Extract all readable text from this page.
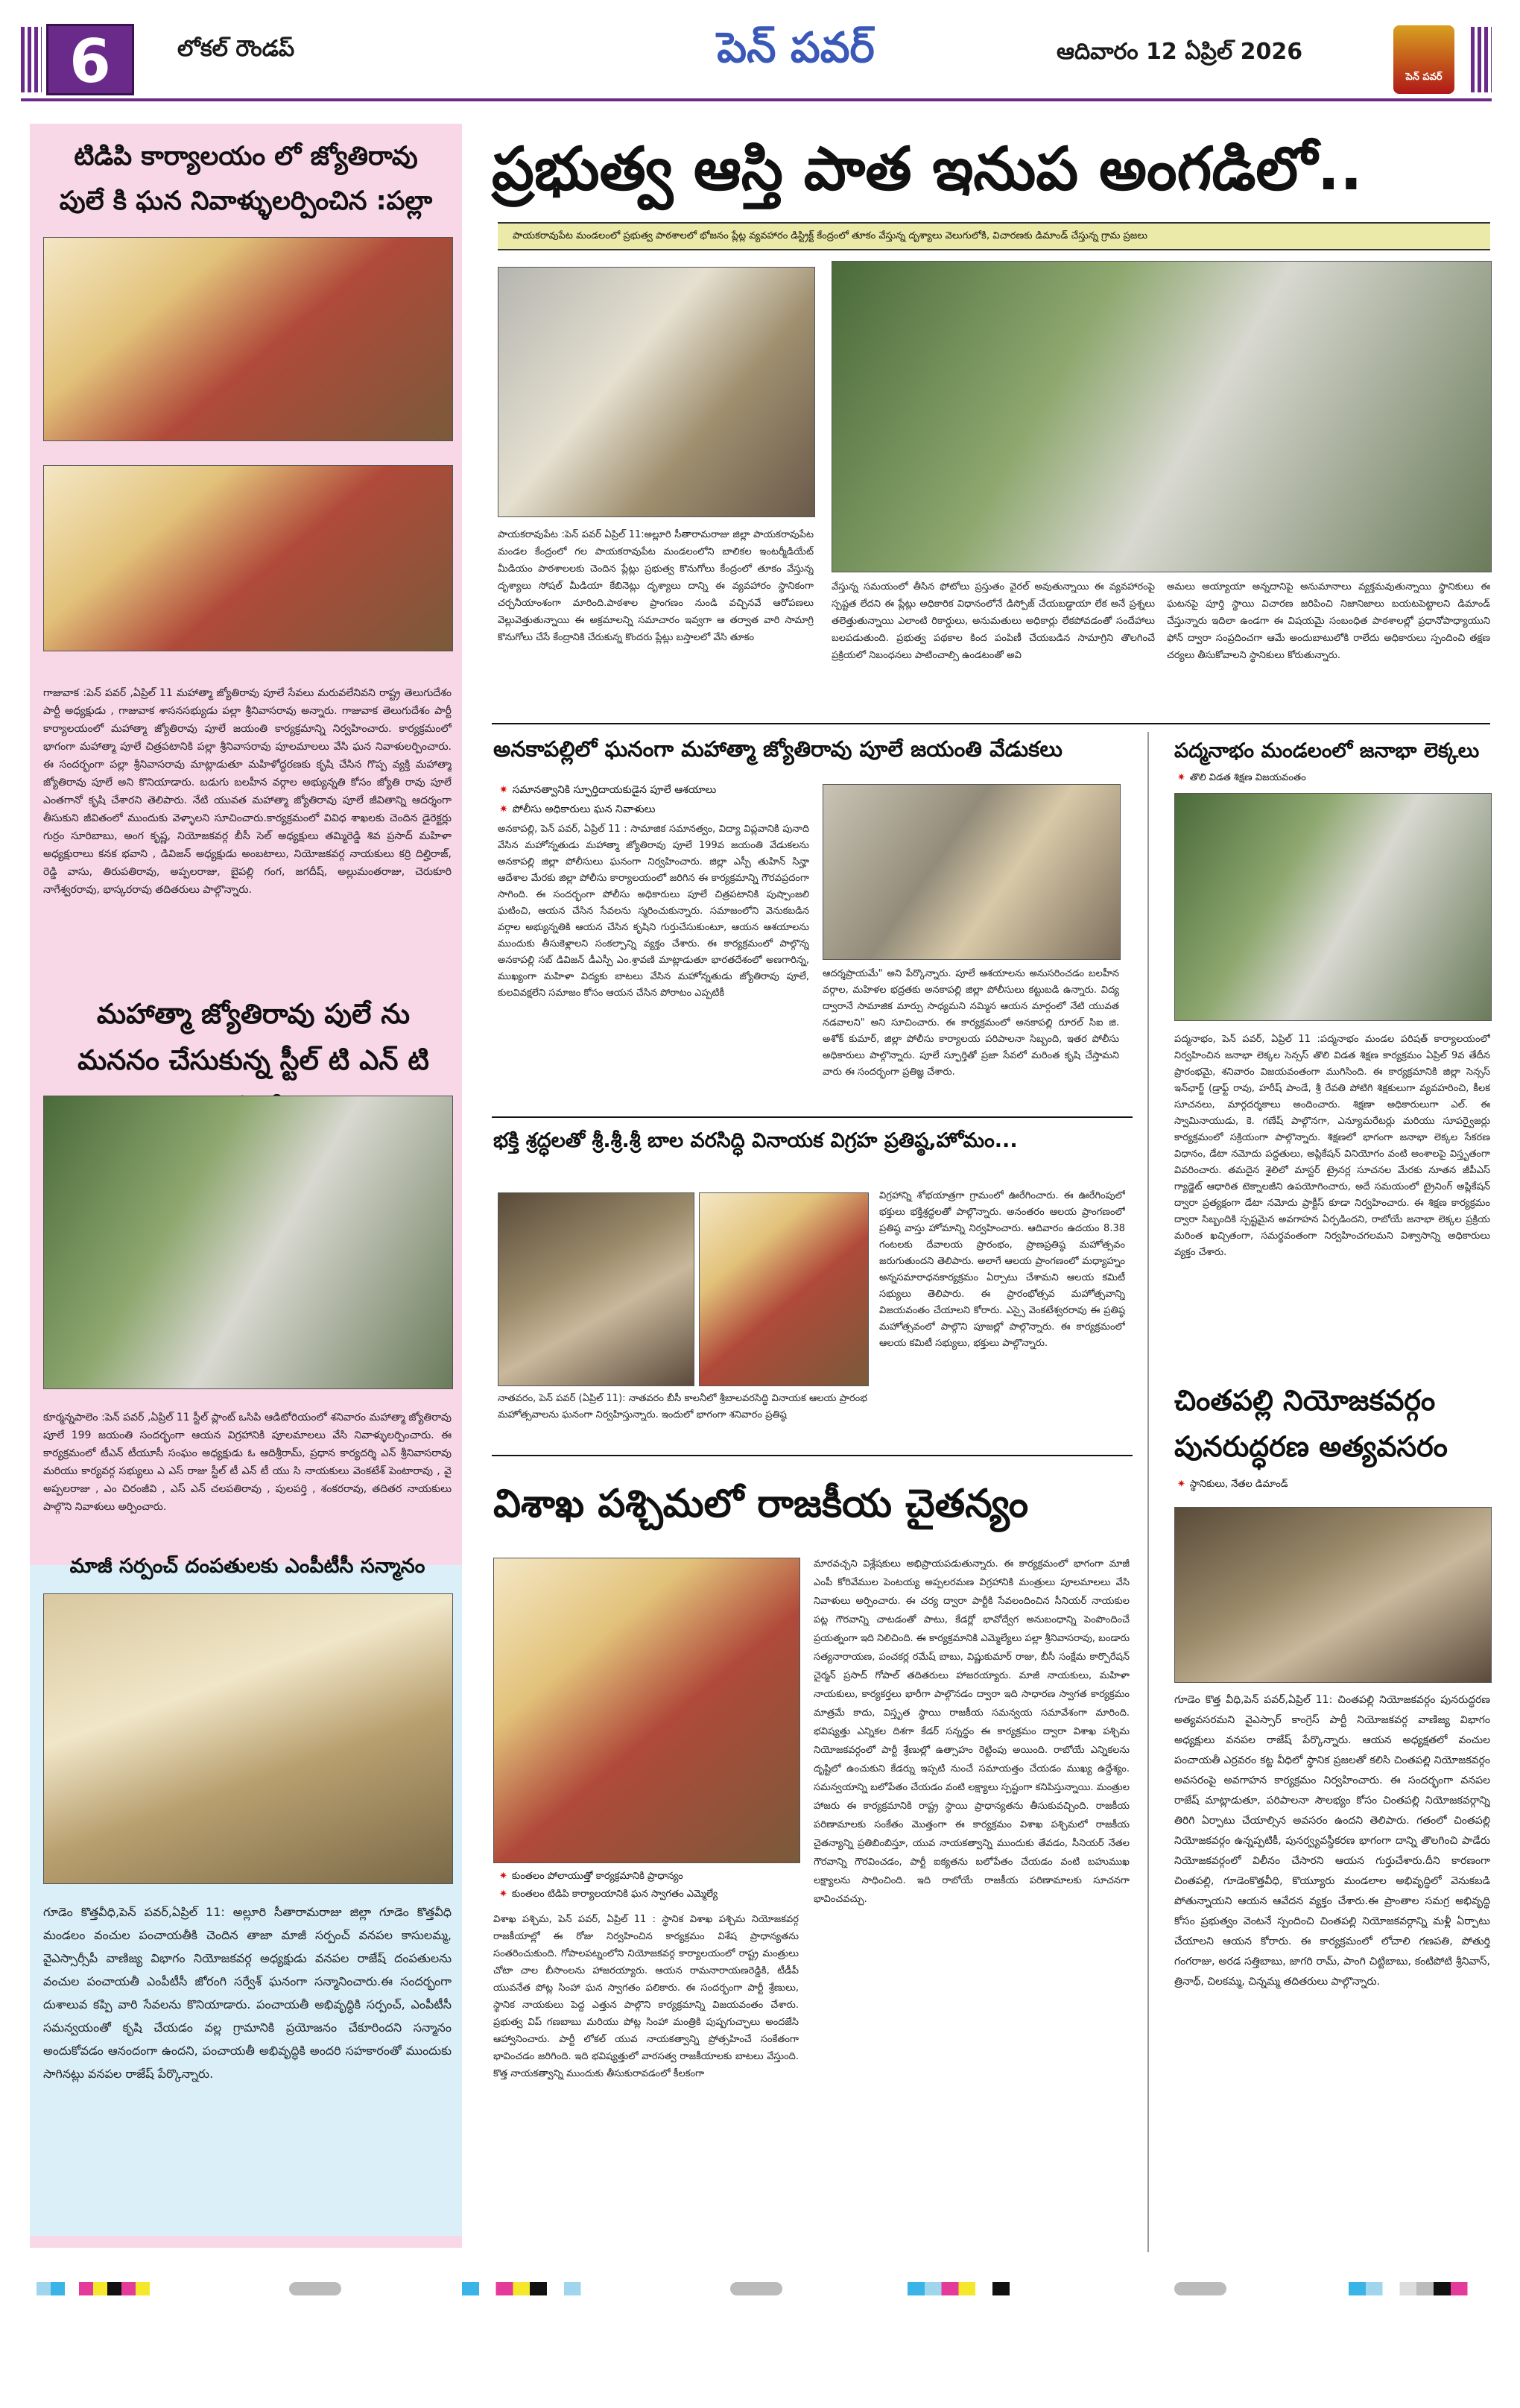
6	లోకల్ రౌండప్	పెన్ పవర్	ఆదివారం 12 ఏప్రిల్ 2026
పెన్ పవర్
టిడిపి కార్యాలయం లో జ్యోతిరావు పులే కి ఘన నివాళ్ళులర్పించిన :పల్లా
గాజువాక :పెన్ పవర్ ,ఏప్రిల్ 11 మహాత్మా జ్యోతిరావు పూలే సేవలు మరువలేనివని రాష్ట్ర తెలుగుదేశం పార్టీ అధ్యక్షుడు , గాజువాక శాసనసభ్యుడు పల్లా శ్రీనివాసరావు అన్నారు. గాజువాక తెలుగుదేశం పార్టీ కార్యాలయంలో మహాత్మా జ్యోతిరావు పూలే జయంతి కార్యక్రమాన్ని నిర్వహించారు. కార్యక్రమంలో భాగంగా మహాత్మా పూలే చిత్రపటానికి పల్లా శ్రీనివాసరావు పూలమాలలు వేసి ఘన నివాళులర్పించారు. ఈ సందర్భంగా పల్లా శ్రీనివాసరావు మాట్లాడుతూ మహిళోద్ధరణకు కృషి చేసిన గొప్ప వ్యక్తి మహాత్మా జ్యోతిరావు పూలే అని కొనియాడారు. బడుగు బలహీన వర్గాల అభ్యున్నతి కోసం జ్యోతి రావు పూలే ఎంతగానో కృషి చేశారని తెలిపారు. నేటి యువత మహాత్మా జ్యోతిరావు పూలే జీవితాన్ని ఆదర్శంగా తీసుకుని జీవితంలో ముందుకు వెళ్ళాలని సూచించారు.కార్యక్రమంలో వివిధ శాఖలకు చెందిన డైరెక్టర్లు గుర్రం సూరిబాబు, అంగ కృష్ణ, నియోజకవర్గ బీసీ సెల్ అధ్యక్షులు తమ్మిరెడ్డి శివ ప్రసాద్ మహిళా అధ్యక్షురాలు కనక భవాని , డివిజన్ అధ్యక్షుడు అంబటాలు, నియోజకవర్గ నాయకులు కర్రి దిల్హిరాజ్, రెడ్డి వాసు, తిరుపతిరావు, అప్పలరాజు, బైపల్లి గంగ, జగదీష్, అల్లుమంతరాజు, చెరుకూరి నాగేశ్వరరావు, భాస్కరరావు తదితరులు పాల్గొన్నారు.
మహాత్మా జ్యోతిరావు పులే ను మననం చేసుకున్న స్టీల్ టి ఎన్ టి
కూర్మన్నపాలెం :పెన్ పవర్ ,ఏప్రిల్ 11 స్టీల్ ప్లాంట్ ఒసిపి ఆడిటోరియంలో శనివారం మహాత్మా జ్యోతిరావు పూలే 199 జయంతి సందర్భంగా ఆయన విగ్రహానికి పూలమాలలు వేసి నివాళ్ళులర్పించారు. ఈ కార్యక్రమంలో టీఎన్ టీయూసీ సంఘం అధ్యక్షుడు ఓ ఆదిశ్రీరామ్, ప్రధాన కార్యదర్శి ఎన్ శ్రీనివాసరావు మరియు కార్యవర్గ సభ్యులు ఎ ఎస్ రాజు స్టీల్ టీ ఎన్ టీ యు సి నాయకులు వెంకటేశ్ పెంటారావు , వై అప్పలరాజు , ఎం చిరంజీవి , ఎస్ ఎన్ చలపతిరావు , పులపర్తి , శంకరరావు, తదితర నాయకులు పాల్గొని నివాళులు అర్పించారు.
మాజీ సర్పంచ్ దంపతులకు ఎంపీటీసీ సన్మానం
గూడెం కొత్తవీధి,పెన్ పవర్,ఏప్రిల్ 11: అల్లూరి సీతారామరాజు జిల్లా గూడెం కొత్తవీధి మండలం వంచుల పంచాయతీకి చెందిన తాజా మాజీ సర్పంచ్ వనపల కాసులమ్మ, వైఎస్సార్సీపీ వాణిజ్య విభాగం నియోజకవర్గ అధ్యక్షుడు వనపల రాజేష్ దంపతులను వంచుల పంచాయతీ ఎంపీటీసీ జోరంగి సర్వేశ్ ఘనంగా సన్మానించారు.ఈ సందర్భంగా దుశాలువ కప్పి వారి సేవలను కొనియాడారు. పంచాయతీ అభివృద్ధికి సర్పంచ్, ఎంపీటీసీ సమన్వయంతో కృషి చేయడం వల్ల గ్రామానికి ప్రయోజనం చేకూరిందని సన్మానం అందుకోవడం ఆనందంగా ఉందని, పంచాయతీ అభివృద్ధికి అందరి సహకారంతో ముందుకు సాగినట్లు వనపల రాజేష్ పేర్కొన్నారు.
ప్రభుత్వ ఆస్తి పాత ఇనుప అంగడిలో..
పాయకరావుపేట మండలంలో ప్రభుత్వ పాఠశాలలో భోజనం ప్లేట్ల వ్యవహారం డిస్ట్రిక్ట్ కేంద్రంలో తూకం వేస్తున్న దృశ్యాలు వెలుగులోకి, విచారణకు డిమాండ్ చేస్తున్న గ్రామ ప్రజలు
పాయకరావుపేట :పెన్ పవర్ ఏప్రిల్ 11:అల్లూరి సీతారామరాజు జిల్లా పాయకరావుపేట మండల కేంద్రంలో గల పాయకరావుపేట మండలంలోని బాలికల ఇంటర్మీడియేట్ మీడియం పాఠశాలలకు చెందిన ప్లేట్లు ప్రభుత్వ కొనుగోలు కేంద్రంలో తూకం వేస్తున్న దృశ్యాలు సోషల్ మీడియా కేబినెట్లు దృశ్యాలు దాన్ని ఈ వ్యవహారం స్థానికంగా చర్చనీయాంశంగా మారింది.పాఠశాల ప్రాంగణం నుండి వచ్చినవే ఆరోపణలు వెల్లువెత్తుతున్నాయి ఈ అక్రమాలన్ని సమాచారం ఇవ్వగా ఆ తర్వాత వారి సామాగ్రి కొనుగోలు చేసే కేంద్రానికి చేరుకున్న కొందరు ప్లేట్లు బస్తాలలో వేసి తూకం
వేస్తున్న సమయంలో తీసిన ఫోటోలు ప్రస్తుతం వైరల్ అవుతున్నాయి ఈ వ్యవహారంపై స్పష్టత లేదని ఈ ప్లేట్లు అధికారిక విధానంలోనే డిస్పోజ్ చేయబడ్డాయా లేక అనే ప్రశ్నలు తలెత్తుతున్నాయి ఎలాంటి రికార్డులు, అనుమతులు అధికార్లు లేకపోవడంతో సందేహాలు బలపడుతుంది. ప్రభుత్వ పథకాల కింద పంపిణీ చేయబడిన సామాగ్రిని తొలగించే ప్రక్రియలో నిబంధనలు పాటించాల్సి ఉండటంతో అవి
అమలు అయ్యాయా అన్నదానిపై అనుమానాలు వ్యక్తమవుతున్నాయి స్థానికులు ఈ ఘటనపై పూర్తి స్థాయి విచారణ జరిపించి నిజానిజాలు బయటపెట్టాలని డిమాండ్ చేస్తున్నారు ఇదిలా ఉండగా ఈ విషయమై సంబంధిత పాఠశాలల్లో ప్రధానోపాధ్యాయుని ఫోన్ ద్వారా సంప్రదించగా ఆమే అందుబాటులోకి రాలేదు అధికారులు స్పందించి తక్షణ చర్యలు తీసుకోవాలని స్థానికులు కోరుతున్నారు.
అనకాపల్లిలో ఘనంగా మహాత్మా జ్యోతిరావు పూలే జయంతి వేడుకలు
✷ సమానత్వానికి స్ఫూర్తిదాయకుడైన పూలే ఆశయాలు
✷ పోలీసు అధికారులు ఘన నివాళులు
అనకాపల్లి, పెన్ పవర్, ఏప్రిల్ 11 : సామాజిక సమానత్వం, విద్యా విప్లవానికి పునాది వేసిన మహోన్నతుడు మహాత్మా జ్యోతిరావు పూలే 199వ జయంతి వేడుకలను అనకాపల్లి జిల్లా పోలీసులు ఘనంగా నిర్వహించారు. జిల్లా ఎస్పీ తుహిన్ సిన్హా ఆదేశాల మేరకు జిల్లా పోలీసు కార్యాలయంలో జరిగిన ఈ కార్యక్రమాన్ని గౌరవప్రదంగా సాగింది. ఈ సందర్భంగా పోలీసు అధికారులు పూలే చిత్రపటానికి పుష్పాంజలి ఘటించి, ఆయన చేసిన సేవలను స్మరించుకున్నారు. సమాజంలోని వెనుకబడిన వర్గాల అభ్యున్నతికి ఆయన చేసిన కృషిని గుర్తుచేసుకుంటూ, ఆయన ఆశయాలను ముందుకు తీసుకెళ్లాలని సంకల్పాన్ని వ్యక్తం చేశారు. ఈ కార్యక్రమంలో పాల్గొన్న అనకాపల్లి సబ్ డివిజన్ డీఎస్పీ ఎం.శ్రావణి మాట్లాడుతూ భారతదేశంలో అణగారిన్న, ముఖ్యంగా మహిళా విద్యకు బాటలు వేసిన మహోన్నతుడు జ్యోతిరావు పూలే, కులవివక్షలేని సమాజం కోసం ఆయన చేసిన పోరాటం ఎప్పటికీ
ఆదర్శప్రాయమే" అని పేర్కొన్నారు. పూలే ఆశయాలను అనుసరించడం బలహీన వర్గాల, మహిళల భద్రతకు అనకాపల్లి జిల్లా పోలీసులు కట్టుబడి ఉన్నారు. విద్య ద్వారానే సామాజిక మార్పు సాధ్యమని నమ్మిన ఆయన మార్గంలో నేటి యువత నడవాలని" అని సూచించారు. ఈ కార్యక్రమంలో అనకాపల్లి రూరల్ సిఐ జి. అశోక్ కుమార్, జిల్లా పోలీసు కార్యాలయ పరిపాలనా సిబ్బంది, ఇతర పోలీసు అధికారులు పాల్గొన్నారు. పూలే స్ఫూర్తితో ప్రజా సేవలో మరింత కృషి చేస్తామని వారు ఈ సందర్భంగా ప్రతిజ్ఞ చేశారు.
భక్తి శ్రద్ధలతో శ్రీ.శ్రీ.శ్రీ బాల వరసిద్ధి వినాయక విగ్రహ ప్రతిష్ఠ,హోమం...
నాతవరం, పెన్ పవర్ (ఏప్రిల్ 11): నాతవరం బీసీ కాలనీలో శ్రీబాలవరసిద్ధి వినాయక ఆలయ ప్రారంభ మహోత్సవాలను ఘనంగా నిర్వహిస్తున్నారు. ఇందులో భాగంగా శనివారం ప్రతిష్ఠ
విగ్రహాన్ని శోభయాత్రగా గ్రామంలో ఊరేగించారు. ఈ ఊరేగింపులో భక్తులు భక్తిశ్రద్ధలతో పాల్గొన్నారు. అనంతరం ఆలయ ప్రాంగణంలో ప్రతిష్ఠ వాస్తు హోమాన్ని నిర్వహించారు. ఆదివారం ఉదయం 8.38 గంటలకు దేవాలయ ప్రారంభం, ప్రాణప్రతిష్ఠ మహోత్సవం జరుగుతుందని తెలిపారు. అలాగే ఆలయ ప్రాంగణంలో మధ్యాహ్నం అన్నసమారాధనకార్యక్రమం ఏర్పాటు చేశామని ఆలయ కమిటీ సభ్యులు తెలిపారు. ఈ ప్రారంభోత్సవ మహోత్సవాన్ని విజయవంతం చేయాలని కోరారు. ఎస్సై వెంకటేశ్వరరావు ఈ ప్రతిష్ఠ మహోత్సవంలో పాల్గొని పూజల్లో పాల్గొన్నారు. ఈ కార్యక్రమంలో ఆలయ కమిటీ సభ్యులు, భక్తులు పాల్గొన్నారు.
విశాఖ పశ్చిమలో రాజకీయ చైతన్యం
✷ కుంతలం పోలాయుత్తో కార్యక్రమానికి ప్రాధాన్యం
✷ కుంతలం టిడిపి కార్యాలయానికి ఘన స్వాగతం ఎమ్మెల్యే
విశాఖ పశ్చిమ, పెన్ పవర్, ఏప్రిల్ 11 : స్థానిక విశాఖ పశ్చిమ నియోజకవర్గ రాజకీయాల్లో ఈ రోజు నిర్వహించిన కార్యక్రమం విశేష ప్రాధాన్యతను సంతరించుకుంది. గోపాలపట్నంలోని నియోజకవర్గ కార్యాలయంలో రాష్ట్ర మంత్రులు చోటా చాల బీసాంలను హాజరయ్యారు. ఆయన రామనారాయణరెడ్డికి, టీడీపీ యువనేత పోట్ల సింహా ఘన స్వాగతం పలికారు. ఈ సందర్భంగా పార్టీ శ్రేణులు, స్థానిక నాయకులు పెద్ద ఎత్తున పాల్గొని కార్యక్రమాన్ని విజయవంతం చేశారు. ప్రభుత్వ విప్ గణబాబు మరియు పోట్ల సింహా మంత్రికి పుష్పగుచ్ఛాలు అందజేసి ఆహ్వానించారు. పార్టీ లోకల్ యువ నాయకత్వాన్ని ప్రోత్సహించే సంకేతంగా భావించడం జరిగింది. ఇది భవిష్యత్తులో వారసత్వ రాజకీయాలకు బాటలు వేస్తుంది. కొత్త నాయకత్వాన్ని ముందుకు తీసుకురావడంలో కీలకంగా
మారవచ్చని విశ్లేషకులు అభిప్రాయపడుతున్నారు. ఈ కార్యక్రమంలో భాగంగా మాజీ ఎంపీ కోరివేముల పెంటయ్య అప్పలరమణ విగ్రహానికి మంత్రులు పూలమాలలు వేసి నివాళులు అర్పించారు. ఈ చర్య ద్వారా పార్టీకి సేవలందించిన సీనియర్ నాయకుల పట్ల గౌరవాన్ని చాటడంతో పాటు, కేడర్లో భావోద్వేగ అనుబంధాన్ని పెంపొందించే ప్రయత్నంగా ఇది నిలిచింది. ఈ కార్యక్రమానికి ఎమ్మెల్యేలు పల్లా శ్రీనివాసరావు, బండారు సత్యనారాయణ, పంచకర్ల రమేష్ బాబు, విష్ణుకుమార్ రాజు, బీసీ సంక్షేమ కార్పొరేషన్ చైర్మన్ ప్రసాద్ గోపాల్ తదితరులు హాజరయ్యారు. మాజీ నాయకులు, మహిళా నాయకులు, కార్యకర్తలు భారీగా పాల్గొనడం ద్వారా ఇది సాధారణ స్వాగత కార్యక్రమం మాత్రమే కాదు, విస్తృత స్థాయి రాజకీయ సమన్వయ సమావేశంగా మారింది. భవిష్యత్తు ఎన్నికల దిశగా కేడర్ సన్నద్ధం ఈ కార్యక్రమం ద్వారా విశాఖ పశ్చిమ నియోజకవర్గంలో పార్టీ శ్రేణుల్లో ఉత్సాహం రెట్టింపు అయింది. రాబోయే ఎన్నికలను దృష్టిలో ఉంచుకుని కేడర్ను ఇప్పటి నుంచే సమాయత్తం చేయడం ముఖ్య ఉద్దేశ్యం. సమన్వయాన్ని బలోపేతం చేయడం వంటి లక్ష్యాలు స్పష్టంగా కనిపిస్తున్నాయి. మంత్రుల హాజరు ఈ కార్యక్రమానికి రాష్ట్ర స్థాయి ప్రాధాన్యతను తీసుకువచ్చింది. రాజకీయ పరిణామాలకు సంకేతం మొత్తంగా ఈ కార్యక్రమం విశాఖ పశ్చిమలో రాజకీయ చైతన్యాన్ని ప్రతిబింబిస్తూ, యువ నాయకత్వాన్ని ముందుకు తేవడం, సీనియర్ నేతల గౌరవాన్ని గౌరవించడం, పార్టీ ఐక్యతను బలోపేతం చేయడం వంటి బహుముఖ లక్ష్యాలను సాధించింది. ఇది రాబోయే రాజకీయ పరిణామాలకు సూచనగా భావించవచ్చు.
పద్మనాభం మండలంలో జనాభా లెక్కలు
✷ తొలి విడత శిక్షణ విజయవంతం
పద్మనాభం, పెన్ పవర్, ఏప్రిల్ 11 :పద్మనాభం మండల పరిషత్ కార్యాలయంలో నిర్వహించిన జనాభా లెక్కల సెన్సస్ తొలి విడత శిక్షణ కార్యక్రమం ఏప్రిల్ 9వ తేదీన ప్రారంభమై, శనివారం విజయవంతంగా ముగిసింది. ఈ కార్యక్రమానికి జిల్లా సెన్సస్ ఇన్‌ఛార్జ్ (డ్రాఫ్ట్ రావు, హరీష్ పాండే, శ్రీ రేవతి పోటిగి శిక్షకులుగా వ్యవహరించి, కీలక సూచనలు, మార్గదర్శకాలు అందించారు. శిక్షణా అధికారులుగా ఎల్. ఈ స్వామినాయుడు, కె. గణేష్ పాల్గొనగా, ఎన్యూమరేటర్లు మరియు సూపర్వైజర్లు కార్యక్రమంలో సక్రియంగా పాల్గొన్నారు. శిక్షణలో భాగంగా జనాభా లెక్కల సేకరణ విధానం, డేటా నమోదు పద్ధతులు, అప్లికేషన్ వినియోగం వంటి అంశాలపై విస్తృతంగా వివరించారు. తమదైన శైలిలో మాస్టర్ ట్రైనర్ల సూచనల మేరకు నూతన జీపీఎస్ గ్యాడ్జెట్ ఆధారిత టెక్నాలజీని ఉపయోగించారు, అదే సమయంలో ట్రైనింగ్ అప్లికేషన్ ద్వారా ప్రత్యక్షంగా డేటా నమోదు ప్రాక్టీస్ కూడా నిర్వహించారు. ఈ శిక్షణ కార్యక్రమం ద్వారా సిబ్బందికి స్పష్టమైన అవగాహన ఏర్పడిందని, రాబోయే జనాభా లెక్కల ప్రక్రియ మరింత ఖచ్చితంగా, సమర్థవంతంగా నిర్వహించగలమని విశ్వాసాన్ని అధికారులు వ్యక్తం చేశారు.
చింతపల్లి నియోజకవర్గం పునరుద్ధరణ అత్యవసరం
✷ స్థానికులు, నేతల డిమాండ్
గూడెం కొత్త వీధి,పెన్ పవర్,ఏప్రిల్ 11: చింతపల్లి నియోజకవర్గం పునరుద్ధరణ అత్యవసరమని వైఎస్సార్ కాంగ్రెస్ పార్టీ నియోజకవర్గ వాణిజ్య విభాగం అధ్యక్షులు వనపల రాజేష్ పేర్కొన్నారు. ఆయన అధ్యక్షతలో వంచుల పంచాయతీ ఎర్రవరం కట్ట వీధిలో స్థానిక ప్రజలతో కలిసి చింతపల్లి నియోజకవర్గం అవసరంపై అవగాహన కార్యక్రమం నిర్వహించారు. ఈ సందర్భంగా వనపల రాజేష్ మాట్లాడుతూ, పరిపాలనా సౌలభ్యం కోసం చింతపల్లి నియోజకవర్గాన్ని తిరిగి ఏర్పాటు చేయాల్సిన అవసరం ఉందని తెలిపారు. గతంలో చింతపల్లి నియోజకవర్గం ఉన్నప్పటికీ, పునర్వ్యవస్థీకరణ భాగంగా దాన్ని తొలగించి పాడేరు నియోజకవర్గంలో విలీనం చేసారని ఆయన గుర్తుచేశారు.దీని కారణంగా చింతపల్లి, గూడెంకొత్తవీధి, కొయ్యూరు మండలాల అభివృద్ధిలో వెనుకబడి పోతున్నాయని ఆయన ఆవేదన వ్యక్తం చేశారు.ఈ ప్రాంతాల సమగ్ర అభివృద్ధి కోసం ప్రభుత్వం వెంటనే స్పందించి చింతపల్లి నియోజకవర్గాన్ని మళ్లీ ఏర్పాటు చేయాలని ఆయన కోరారు. ఈ కార్యక్రమంలో లోచాలి గణపతి, పోతుర్తి గంగరాజు, అరడ సత్తిబాబు, జాగరి రామ్, పాంగి చిట్టిబాబు, కంటిపోటి శ్రీనివాస్, త్రినాథ్, చిలకమ్మ, చిన్నమ్మ తదితరులు పాల్గొన్నారు.
